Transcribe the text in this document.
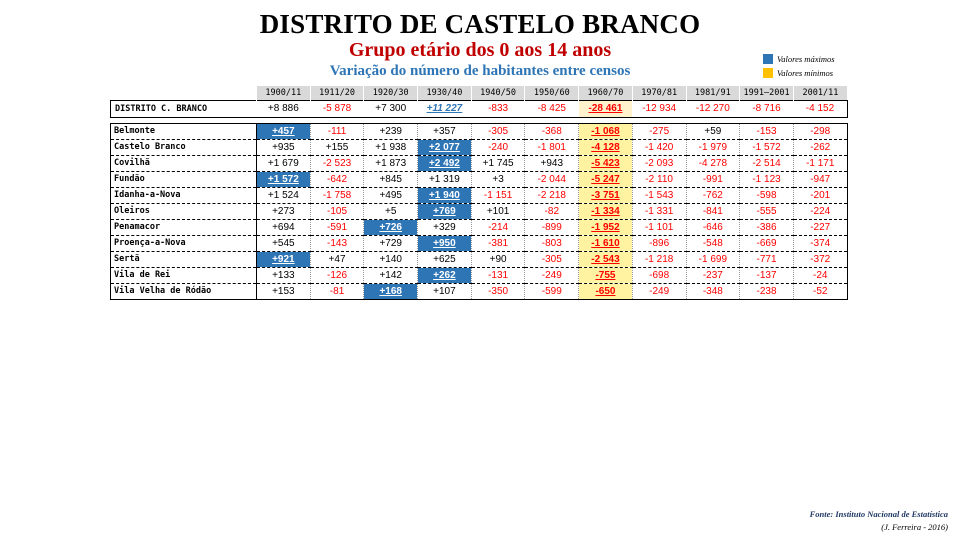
DISTRITO DE CASTELO BRANCO
Grupo etário dos 0 aos 14 anos
Variação do número de habitantes entre censos
Valores máximos
Valores mínimos
	1900/11	1911/20	1920/30	1930/40	1940/50	1950/60	1960/70	1970/81	1981/91	1991–2001	2001/11
DISTRITO C. BRANCO	+8 886	-5 878	+7 300	+11 227	-833	-8 425	-28 461	-12 934	-12 270	-8 716	-4 152

Belmonte	+457	-111	+239	+357	-305	-368	-1 068	-275	+59	-153	-298
Castelo Branco	+935	+155	+1 938	+2 077	-240	-1 801	-4 128	-1 420	-1 979	-1 572	-262
Covilhã	+1 679	-2 523	+1 873	+2 492	+1 745	+943	-5 423	-2 093	-4 278	-2 514	-1 171
Fundão	+1 572	-642	+845	+1 319	+3	-2 044	-5 247	-2 110	-991	-1 123	-947
Idanha-a-Nova	+1 524	-1 758	+495	+1 940	-1 151	-2 218	-3 751	-1 543	-762	-598	-201
Oleiros	+273	-105	+5	+769	+101	-82	-1 334	-1 331	-841	-555	-224
Penamacor	+694	-591	+726	+329	-214	-899	-1 952	-1 101	-646	-386	-227
Proença-a-Nova	+545	-143	+729	+950	-381	-803	-1 610	-896	-548	-669	-374
Sertã	+921	+47	+140	+625	+90	-305	-2 543	-1 218	-1 699	-771	-372
Vila de Rei	+133	-126	+142	+262	-131	-249	-755	-698	-237	-137	-24
Vila Velha de Ródão	+153	-81	+168	+107	-350	-599	-650	-249	-348	-238	-52
Fonte: Instituto Nacional de Estatística
(J. Ferreira - 2016)
